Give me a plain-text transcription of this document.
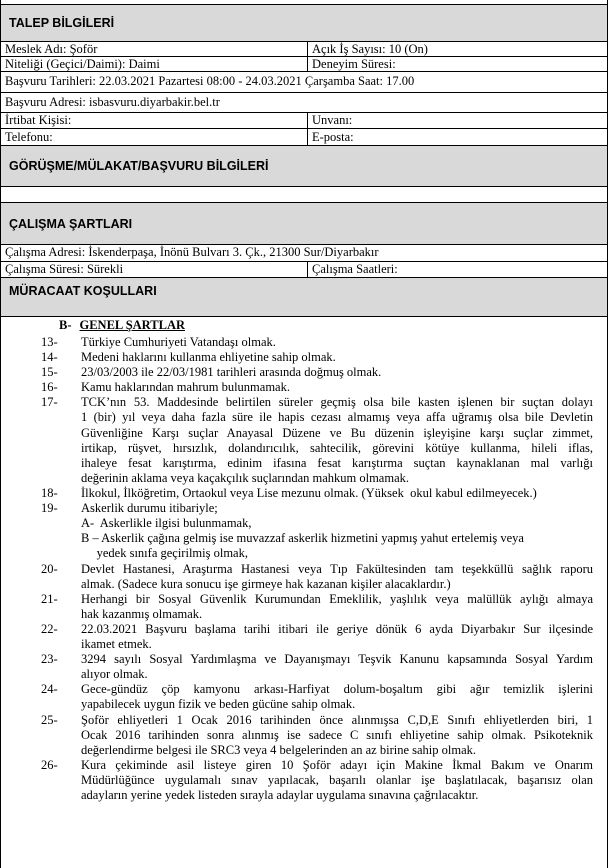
TALEP BİLGİLERİ
Meslek Adı: Şoför	Açık İş Sayısı: 10 (On)
Niteliği (Geçici/Daimi): Daimi	Deneyim Süresi:
Başvuru Tarihleri: 22.03.2021 Pazartesi 08:00 - 24.03.2021 Çarşamba Saat: 17.00
Başvuru Adresi: isbasvuru.diyarbakir.bel.tr
İrtibat Kişisi:	Unvanı:
Telefonu:	E-posta:
GÖRÜŞME/MÜLAKAT/BAŞVURU BİLGİLERİ
ÇALIŞMA ŞARTLARI
Çalışma Adresi: İskenderpaşa, İnönü Bulvarı 3. Çk., 21300 Sur/Diyarbakır
Çalışma Süresi: Sürekli	Çalışma Saatleri:
MÜRACAAT KOŞULLARI
B- GENEL ŞARTLAR
13-	Türkiye Cumhuriyeti Vatandaşı olmak.
14-	Medeni haklarını kullanma ehliyetine sahip olmak.
15-	23/03/2003 ile 22/03/1981 tarihleri arasında doğmuş olmak.
16-	Kamu haklarından mahrum bulunmamak.
17-	TCK’nın 53. Maddesinde belirtilen süreler geçmiş olsa bile kasten işlenen bir suçtan dolayı
1 (bir) yıl veya daha fazla süre ile hapis cezası almamış veya affa uğramış olsa bile Devletin
Güvenliğine Karşı suçlar Anayasal Düzene ve Bu düzenin işleyişine karşı suçlar zimmet,
irtikap, rüşvet, hırsızlık, dolandırıcılık, sahtecilik, görevini kötüye kullanma, hileli iflas,
ihaleye fesat karıştırma, edinim ifasına fesat karıştırma suçtan kaynaklanan mal varlığı
değerinin aklama veya kaçakçılık suçlarından mahkum olmamak.
18-	İlkokul, İlköğretim, Ortaokul veya Lise mezunu olmak. (Yüksek  okul kabul edilmeyecek.)
19-	Askerlik durumu itibariyle;
A-  Askerlikle ilgisi bulunmamak,
B – Askerlik çağına gelmiş ise muvazzaf askerlik hizmetini yapmış yahut ertelemiş veya
yedek sınıfa geçirilmiş olmak,
20-	Devlet Hastanesi, Araştırma Hastanesi veya Tıp Fakültesinden tam teşekküllü sağlık raporu
almak. (Sadece kura sonucu işe girmeye hak kazanan kişiler alacaklardır.)
21-	Herhangi bir Sosyal Güvenlik Kurumundan Emeklilik, yaşlılık veya malüllük aylığı almaya
hak kazanmış olmamak.
22-	22.03.2021 Başvuru başlama tarihi itibari ile geriye dönük 6 ayda Diyarbakır Sur ilçesinde
ikamet etmek.
23-	3294 sayılı Sosyal Yardımlaşma ve Dayanışmayı Teşvik Kanunu kapsamında Sosyal Yardım
alıyor olmak.
24-	Gece-gündüz çöp kamyonu arkası-Harfiyat dolum-boşaltım gibi ağır temizlik işlerini
yapabilecek uygun fizik ve beden gücüne sahip olmak.
25-	Şoför ehliyetleri 1 Ocak 2016 tarihinden önce alınmışsa C,D,E Sınıfı ehliyetlerden biri, 1
Ocak 2016 tarihinden sonra alınmış ise sadece C sınıfı ehliyetine sahip olmak. Psikoteknik
değerlendirme belgesi ile SRC3 veya 4 belgelerinden an az birine sahip olmak.
26-	Kura çekiminde asil listeye giren 10 Şoför adayı için Makine İkmal Bakım ve Onarım
Müdürlüğünce uygulamalı sınav yapılacak, başarılı olanlar işe başlatılacak, başarısız olan
adayların yerine yedek listeden sırayla adaylar uygulama sınavına çağrılacaktır.
